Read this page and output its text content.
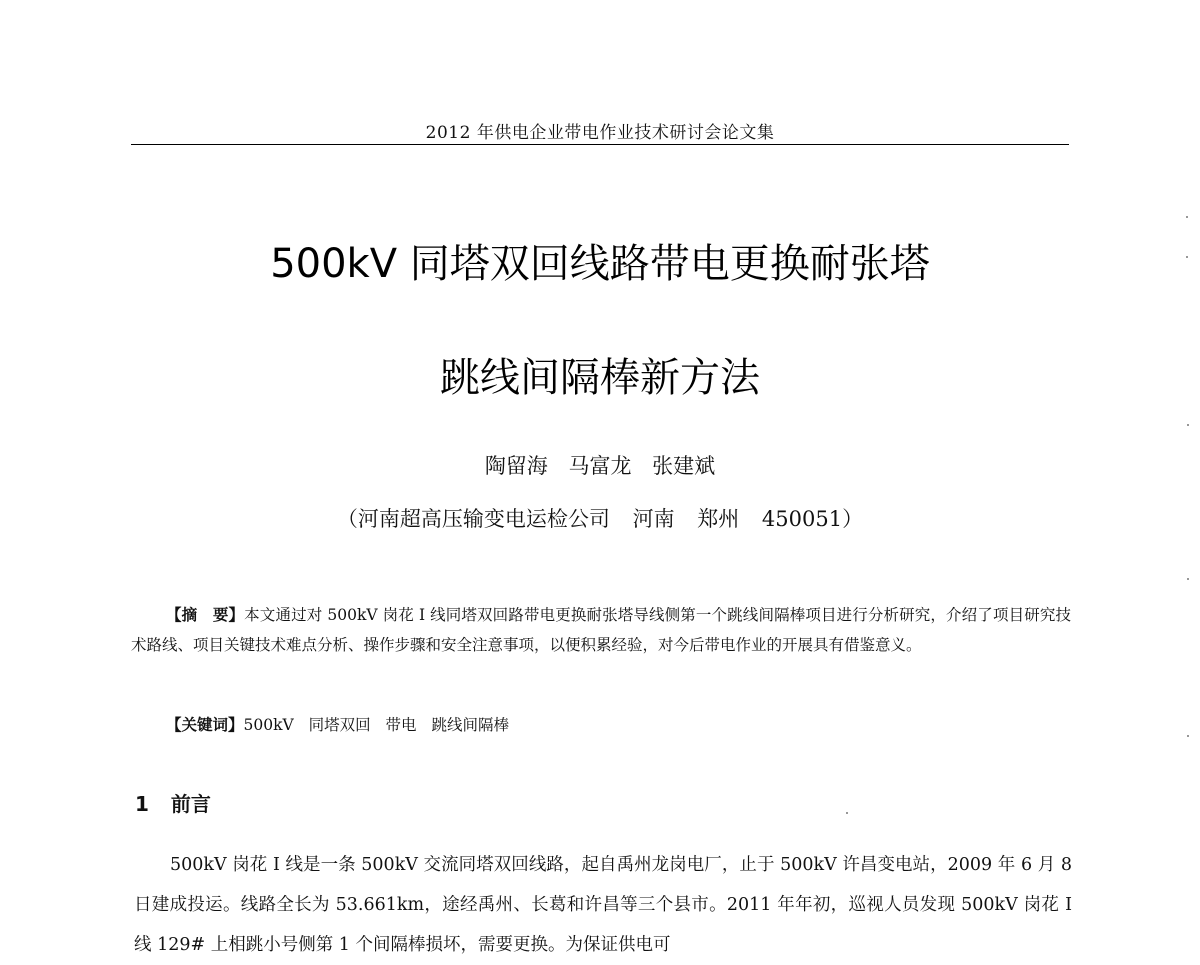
2012 年供电企业带电作业技术研讨会论文集
500kV 同塔双回线路带电更换耐张塔
跳线间隔棒新方法
陶留海 马富龙 张建斌
（河南超高压输变电运检公司 河南 郑州 450051）

【摘　要】本文通过对 500kV 岗花 I 线同塔双回路带电更换耐张塔导线侧第一个跳线间隔棒项目进行分析研究，介绍了项目研究技术路线、项目关键技术难点分析、操作步骤和安全注意事项，以便积累经验，对今后带电作业的开展具有借鉴意义。

【关键词】500kV 同塔双回 带电 跳线间隔棒

1 前言

500kV 岗花 I 线是一条 500kV 交流同塔双回线路，起自禹州龙岗电厂，止于 500kV 许昌变电站，2009 年 6 月 8 日建成投运。线路全长为 53.661km，途经禹州、长葛和许昌等三个县市。2011 年年初，巡视人员发现 500kV 岗花 I 线 129# 上相跳小号侧第 1 个间隔棒损坏，需要更换。为保证供电可
